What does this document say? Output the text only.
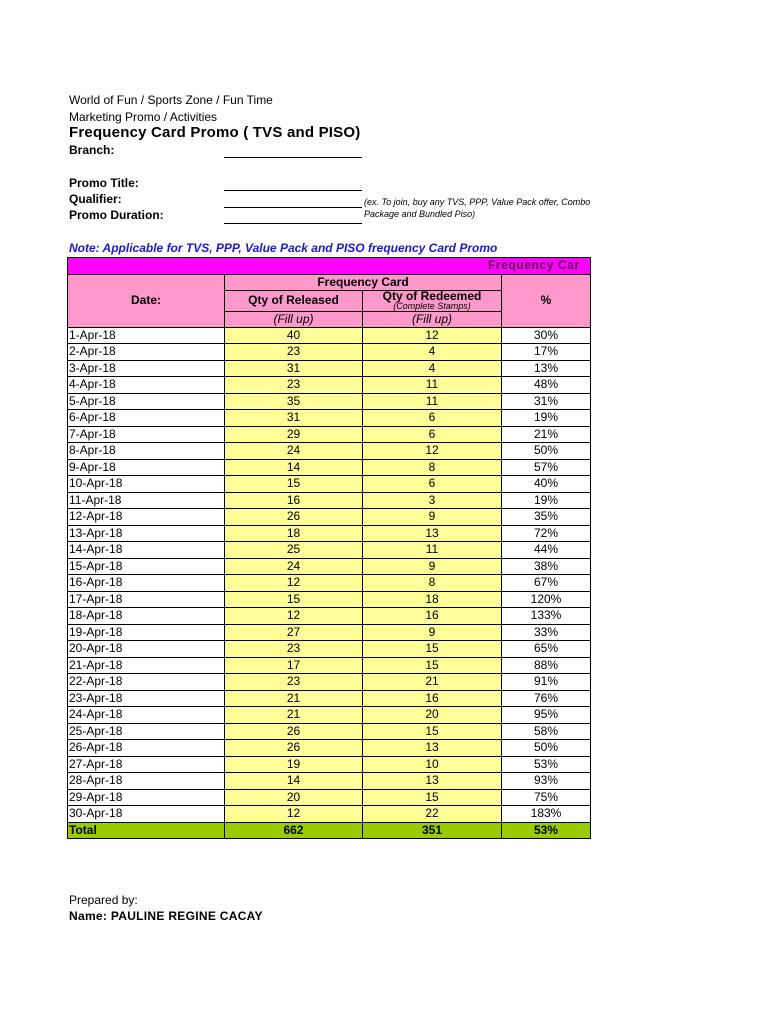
World of Fun / Sports Zone / Fun Time
Marketing Promo / Activities
Frequency Card Promo ( TVS and PISO)
Branch:
Promo Title:
Qualifier:	(ex. To join, buy any TVS, PPP, Value Pack offer, Combo Package and Bundled Piso)
Promo Duration:
Note: Applicable for TVS, PPP, Value Pack and PISO frequency Card Promo
Frequency Car			
Date:	Frequency Card		%
	Qty of Released	Qty of Redeemed
(Complete Stamps)	

	(Fill up)	(Fill up)	
1-Apr-18	40	12	30%
2-Apr-18	23	4	17%
3-Apr-18	31	4	13%
4-Apr-18	23	11	48%
5-Apr-18	35	11	31%
6-Apr-18	31	6	19%
7-Apr-18	29	6	21%
8-Apr-18	24	12	50%
9-Apr-18	14	8	57%
10-Apr-18	15	6	40%
11-Apr-18	16	3	19%
12-Apr-18	26	9	35%
13-Apr-18	18	13	72%
14-Apr-18	25	11	44%
15-Apr-18	24	9	38%
16-Apr-18	12	8	67%
17-Apr-18	15	18	120%
18-Apr-18	12	16	133%
19-Apr-18	27	9	33%
20-Apr-18	23	15	65%
21-Apr-18	17	15	88%
22-Apr-18	23	21	91%
23-Apr-18	21	16	76%
24-Apr-18	21	20	95%
25-Apr-18	26	15	58%
26-Apr-18	26	13	50%
27-Apr-18	19	10	53%
28-Apr-18	14	13	93%
29-Apr-18	20	15	75%
30-Apr-18	12	22	183%
Total	662	351	53%
Prepared by:
Name: PAULINE REGINE CACAY
